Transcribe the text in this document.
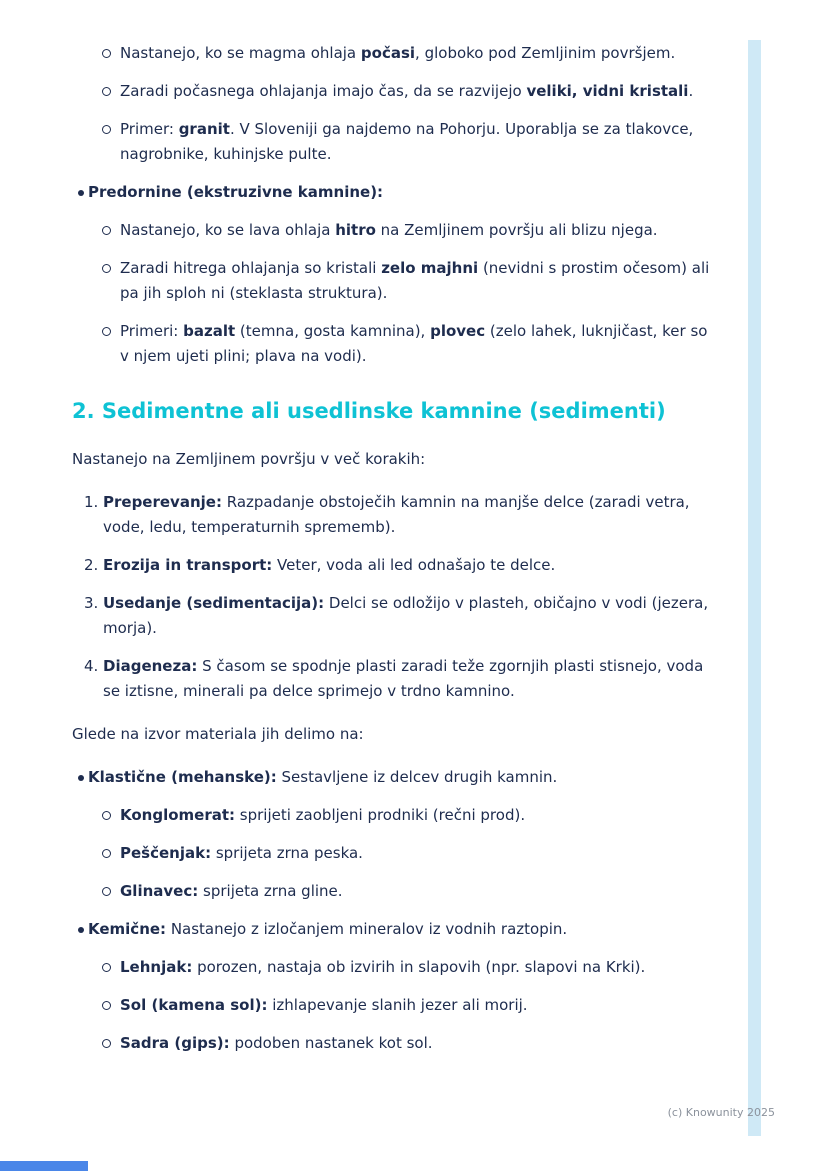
Nastanejo, ko se magma ohlaja počasi, globoko pod Zemljinim površjem.
Zaradi počasnega ohlajanja imajo čas, da se razvijejo veliki, vidni kristali.
Primer: granit. V Sloveniji ga najdemo na Pohorju. Uporablja se za tlakovce, nagrobnike, kuhinjske pulte.
Predornine (ekstruzivne kamnine):
Nastanejo, ko se lava ohlaja hitro na Zemljinem površju ali blizu njega.
Zaradi hitrega ohlajanja so kristali zelo majhni (nevidni s prostim očesom) ali pa jih sploh ni (steklasta struktura).
Primeri: bazalt (temna, gosta kamnina), plovec (zelo lahek, luknjičast, ker so v njem ujeti plini; plava na vodi).
2. Sedimentne ali usedlinske kamnine (sedimenti)

Nastanejo na Zemljinem površju v več korakih:

1. Preperevanje: Razpadanje obstoječih kamnin na manjše delce (zaradi vetra, vode, ledu, temperaturnih sprememb).
2. Erozija in transport: Veter, voda ali led odnašajo te delce.
3. Usedanje (sedimentacija): Delci se odložijo v plasteh, običajno v vodi (jezera, morja).
4. Diageneza: S časom se spodnje plasti zaradi teže zgornjih plasti stisnejo, voda se iztisne, minerali pa delce sprimejo v trdno kamnino.

Glede na izvor materiala jih delimo na:

Klastične (mehanske): Sestavljene iz delcev drugih kamnin.
Konglomerat: sprijeti zaobljeni prodniki (rečni prod).
Peščenjak: sprijeta zrna peska.
Glinavec: sprijeta zrna gline.
Kemične: Nastanejo z izločanjem mineralov iz vodnih raztopin.
Lehnjak: porozen, nastaja ob izvirih in slapovih (npr. slapovi na Krki).
Sol (kamena sol): izhlapevanje slanih jezer ali morij.
Sadra (gips): podoben nastanek kot sol.
(c) Knowunity 2025
